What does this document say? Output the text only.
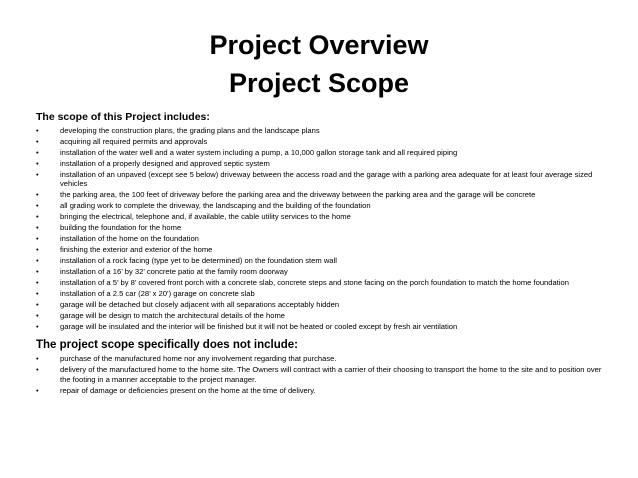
Project Overview
Project Scope
The scope of this Project includes:
•	developing the construction plans, the grading plans and the landscape plans
•	acquiring all required permits and approvals
•	installation of the water well and a water system including a pump, a 10,000 gallon storage tank and all required piping
•	installation of a properly designed and approved septic system
•	installation of an unpaved (except see 5 below) driveway between the access road and the garage with a parking area adequate for at least four average sized vehicles
•	the parking area, the 100 feet of driveway before the parking area and the driveway between the parking area and the garage will be concrete
•	all grading work to complete the driveway, the landscaping and the building of the foundation
•	bringing the electrical, telephone and, if available, the cable utility services to the home
•	building the foundation for the home
•	installation of the home on the foundation
•	finishing the exterior and exterior of the home
•	installation of a rock facing (type yet to be determined) on the foundation stem wall
•	installation of a 16’ by 32’ concrete patio at the family room doorway
•	installation of a 5’ by 8’ covered front porch with a concrete slab, concrete steps and stone facing on the porch foundation to match the home foundation
•	installation of a 2.5 car (28’ x 20’) garage on concrete slab
•	garage will be detached but closely adjacent with all separations acceptably hidden
•	garage will be design to match the architectural details of the home
•	garage will be insulated and the interior will be finished but it will not be heated or cooled except by fresh air ventilation
The project scope specifically does not include:
•	purchase of the manufactured home nor any involvement regarding that purchase.
•	delivery of the manufactured home to the home site. The Owners will contract with a carrier of their choosing to transport the home to the site and to position over the footing in a manner acceptable to the project manager.
•	repair of damage or deficiencies present on the home at the time of delivery.
